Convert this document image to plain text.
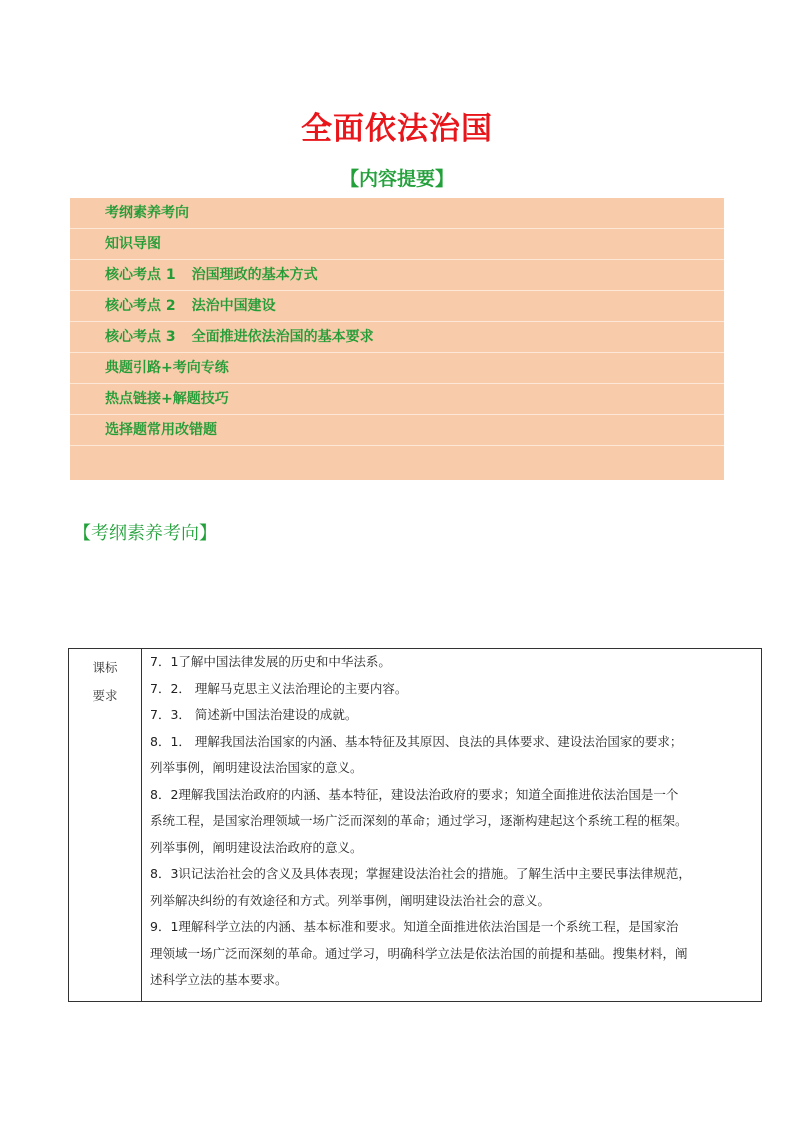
全面依法治国
【内容提要】
考纲素养考向
知识导图
核心考点 1 治国理政的基本方式
核心考点 2 法治中国建设
核心考点 3 全面推进依法治国的基本要求
典题引路+考向专练
热点链接+解题技巧
选择题常用改错题
【考纲素养考向】
课标
要求

7．1了解中国法律发展的历史和中华法系。

7．2． 理解马克思主义法治理论的主要内容。

7．3． 简述新中国法治建设的成就。

8．1． 理解我国法治国家的内涵、基本特征及其原因、良法的具体要求、建设法治国家的要求；

列举事例，阐明建设法治国家的意义。

8．2理解我国法治政府的内涵、基本特征，建设法治政府的要求；知道全面推进依法治国是一个

系统工程，是国家治理领域一场广泛而深刻的革命；通过学习，逐渐构建起这个系统工程的框架。

列举事例，阐明建设法治政府的意义。

8．3识记法治社会的含义及具体表现；掌握建设法治社会的措施。了解生活中主要民事法律规范，

列举解决纠纷的有效途径和方式。列举事例，阐明建设法治社会的意义。

9．1理解科学立法的内涵、基本标准和要求。知道全面推进依法治国是一个系统工程，是国家治

理领域一场广泛而深刻的革命。通过学习，明确科学立法是依法治国的前提和基础。搜集材料，阐

述科学立法的基本要求。
